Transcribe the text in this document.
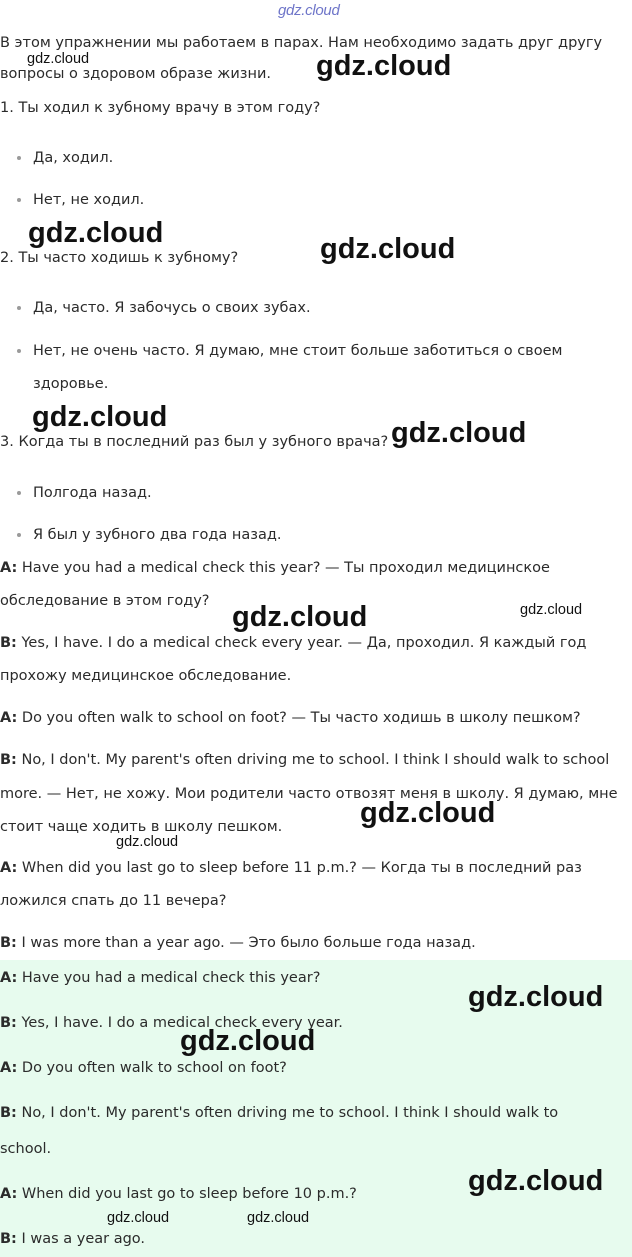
gdz.cloud
В этом упражнении мы работаем в парах. Нам необходимо задать друг другу
вопросы о здоровом образе жизни.
1. Ты ходил к зубному врачу в этом году?
Да, ходил.
Нет, не ходил.
2. Ты часто ходишь к зубному?
Да, часто. Я забочусь о своих зубах.
Нет, не очень часто. Я думаю, мне стоит больше заботиться о своем
здоровье.
3. Когда ты в последний раз был у зубного врача?
Полгода назад.
Я был у зубного два года назад.
A: Have you had a medical check this year? — Ты проходил медицинское
обследование в этом году?
B: Yes, I have. I do a medical check every year. — Да, проходил. Я каждый год
прохожу медицинское обследование.
A: Do you often walk to school on foot? — Ты часто ходишь в школу пешком?
B: No, I don't. My parent's often driving me to school. I think I should walk to school
more. — Нет, не хожу. Мои родители часто отвозят меня в школу. Я думаю, мне
стоит чаще ходить в школу пешком.
A: When did you last go to sleep before 11 p.m.? — Когда ты в последний раз
ложился спать до 11 вечера?
B: I was more than a year ago. — Это было больше года назад.
A: Have you had a medical check this year?
B: Yes, I have. I do a medical check every year.
A: Do you often walk to school on foot?
B: No, I don't. My parent's often driving me to school. I think I should walk to
school.
A: When did you last go to sleep before 10 p.m.?
B: I was a year ago.
gdz.cloud	gdz.cloud
gdz.cloud	gdz.cloud
gdz.cloud	gdz.cloud
gdz.cloud	gdz.cloud
gdz.cloud
gdz.cloud
gdz.cloud
gdz.cloud
gdz.cloud
gdz.cloud	gdz.cloud
